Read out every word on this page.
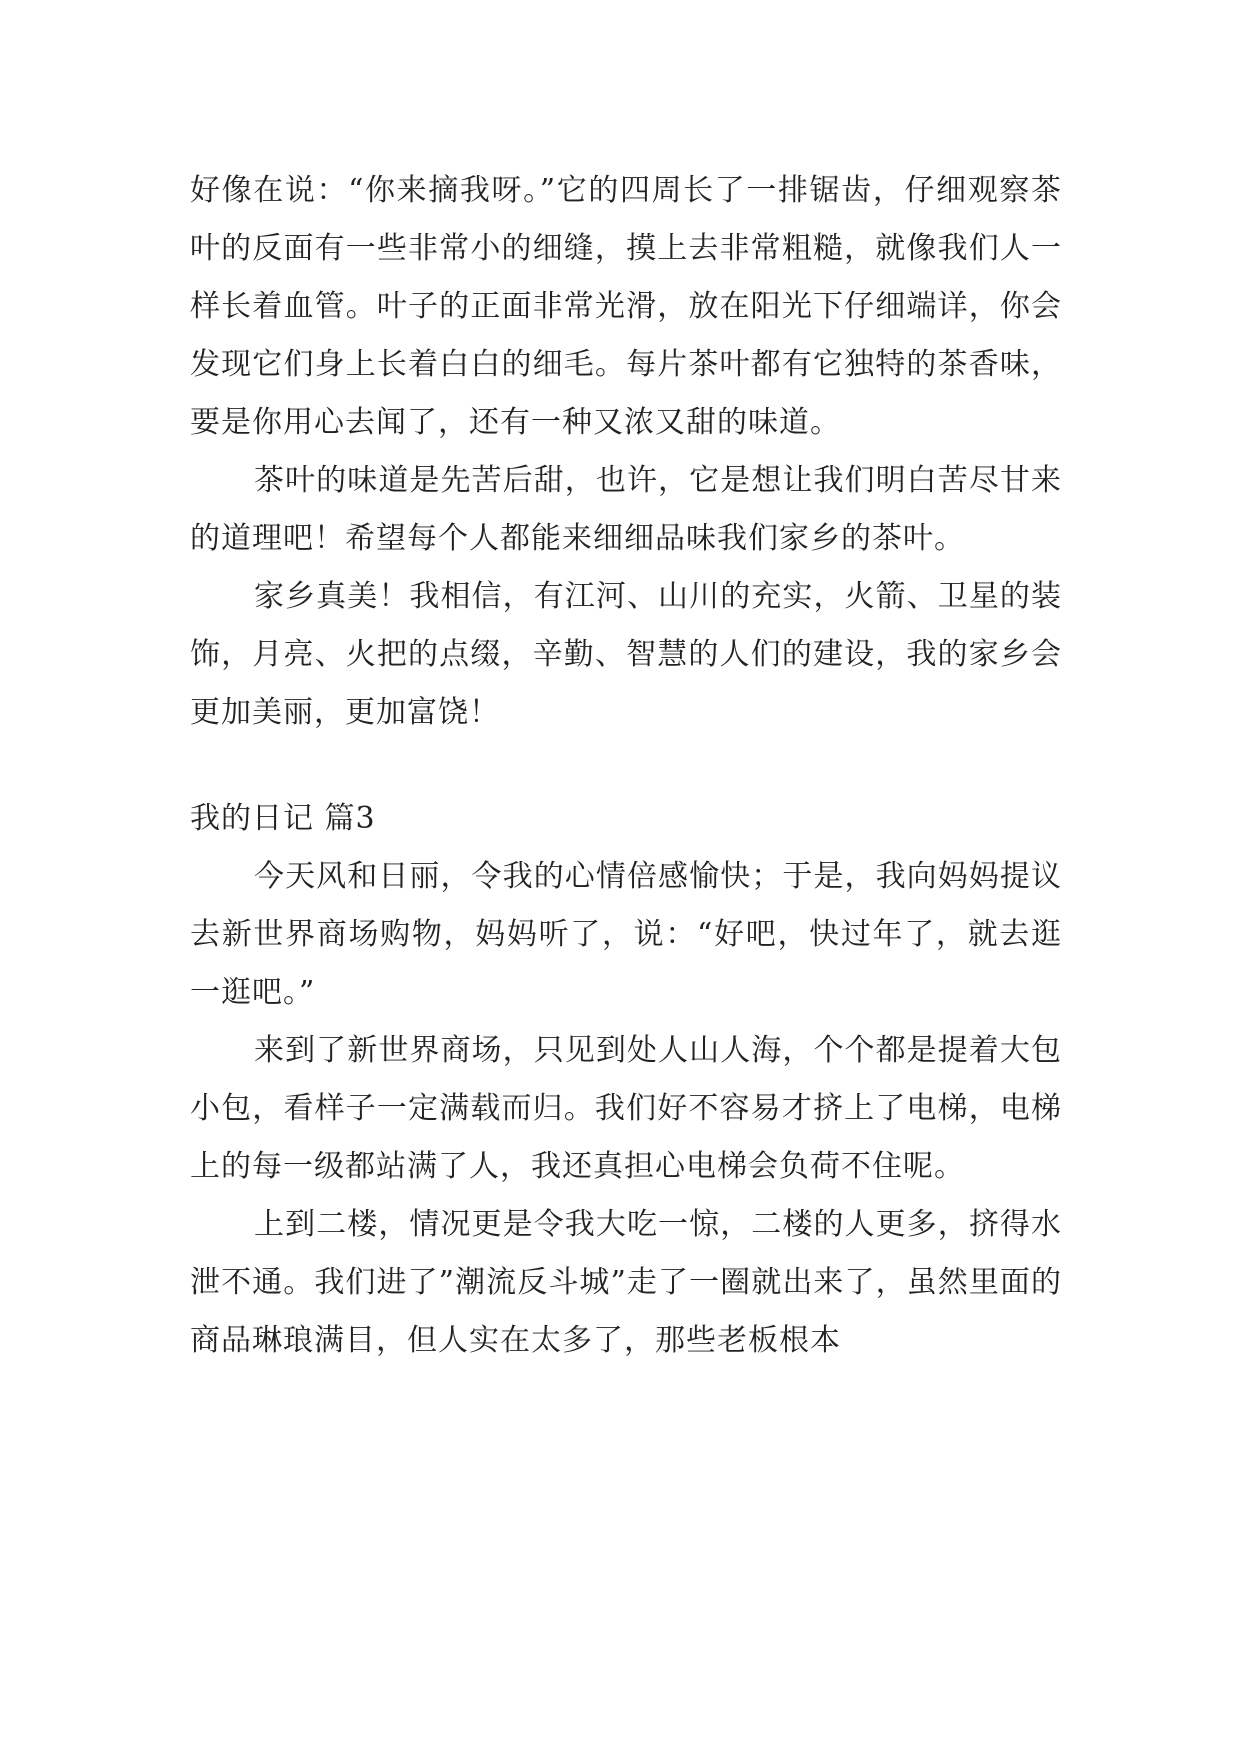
好像在说：“你来摘我呀。”它的四周长了一排锯齿，仔细观察茶叶的反面有一些非常小的细缝，摸上去非常粗糙，就像我们人一样长着血管。叶子的正面非常光滑，放在阳光下仔细端详，你会发现它们身上长着白白的细毛。每片茶叶都有它独特的茶香味，要是你用心去闻了，还有一种又浓又甜的味道。

茶叶的味道是先苦后甜，也许，它是想让我们明白苦尽甘来的道理吧！希望每个人都能来细细品味我们家乡的茶叶。

家乡真美！我相信，有江河、山川的充实，火箭、卫星的装饰，月亮、火把的点缀，辛勤、智慧的人们的建设，我的家乡会更加美丽，更加富饶！

我的日记 篇3

今天风和日丽，令我的心情倍感愉快；于是，我向妈妈提议去新世界商场购物，妈妈听了，说：“好吧，快过年了，就去逛一逛吧。”

来到了新世界商场，只见到处人山人海，个个都是提着大包小包，看样子一定满载而归。我们好不容易才挤上了电梯，电梯上的每一级都站满了人，我还真担心电梯会负荷不住呢。

上到二楼，情况更是令我大吃一惊，二楼的人更多，挤得水泄不通。我们进了”潮流反斗城”走了一圈就出来了，虽然里面的商品琳琅满目，但人实在太多了，那些老板根本
